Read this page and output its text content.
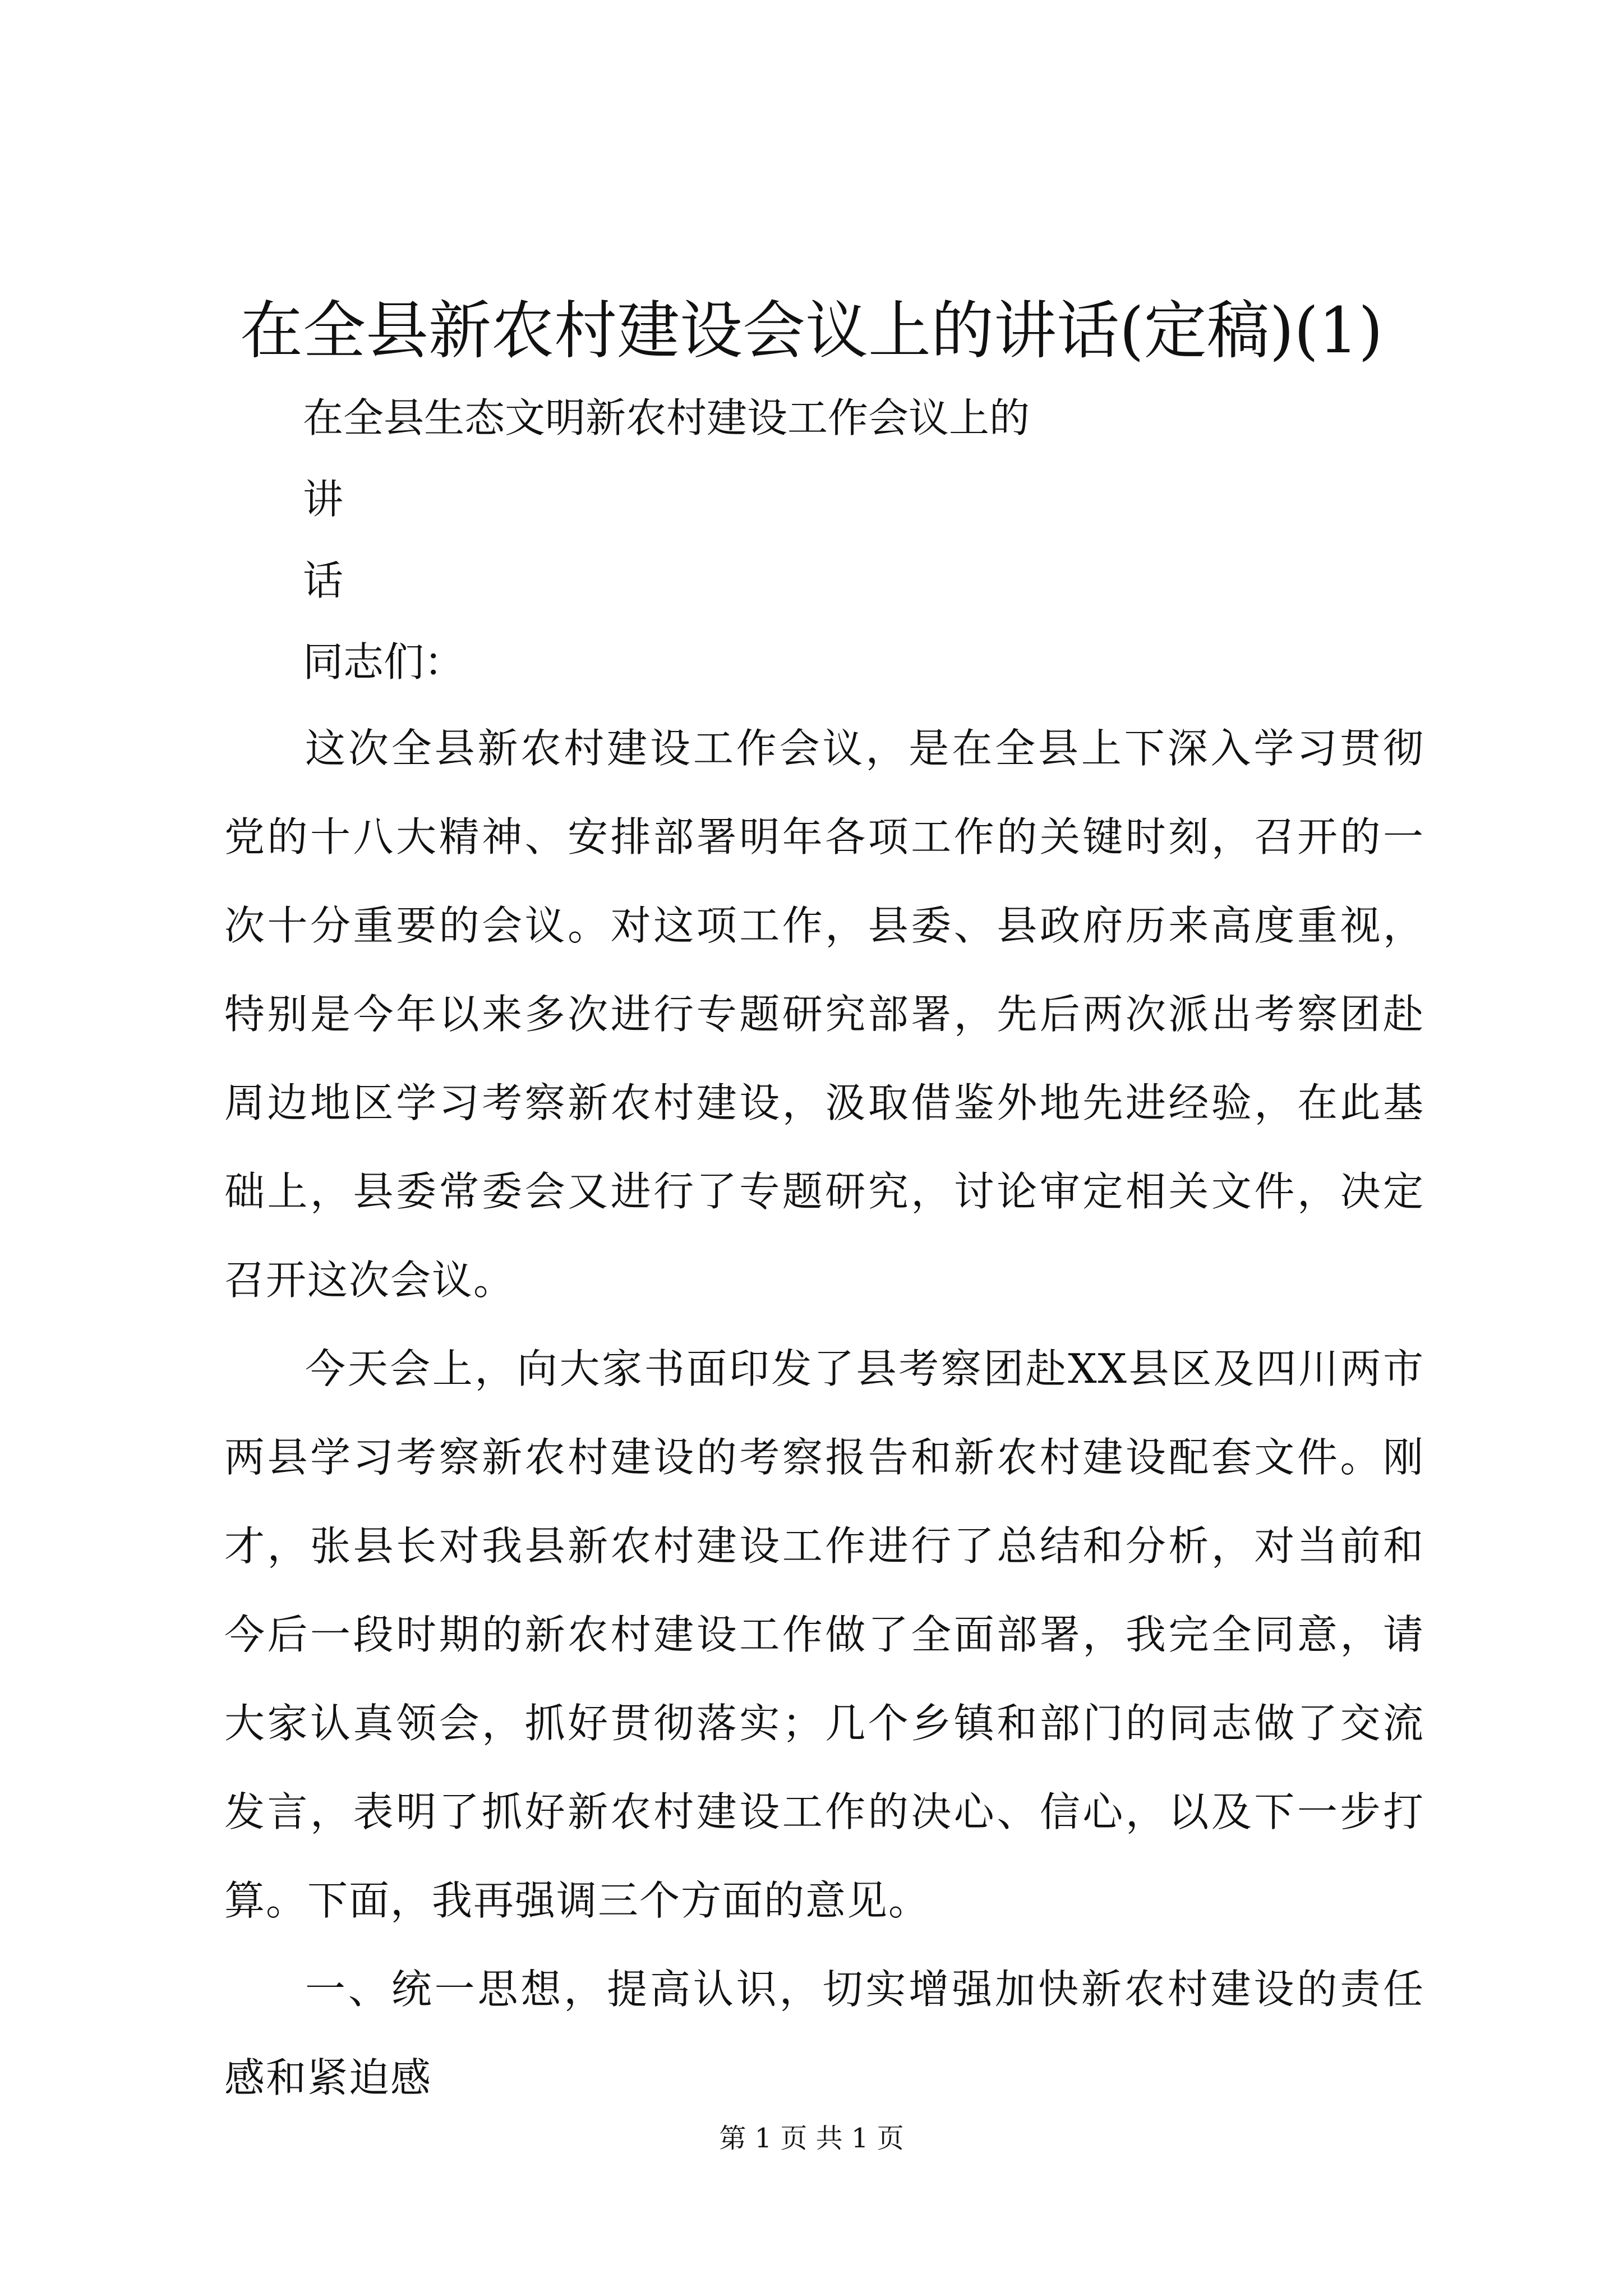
在全县新农村建设会议上的讲话(定稿)(1)
在全县生态文明新农村建设工作会议上的
讲
话
同志们：

这次全县新农村建设工作会议，是在全县上下深入学习贯彻党的十八大精神、安排部署明年各项工作的关键时刻，召开的一次十分重要的会议。对这项工作，县委、县政府历来高度重视，特别是今年以来多次进行专题研究部署，先后两次派出考察团赴周边地区学习考察新农村建设，汲取借鉴外地先进经验，在此基础上，县委常委会又进行了专题研究，讨论审定相关文件，决定召开这次会议。

今天会上，向大家书面印发了县考察团赴XX县区及四川两市两县学习考察新农村建设的考察报告和新农村建设配套文件。刚才，张县长对我县新农村建设工作进行了总结和分析，对当前和今后一段时期的新农村建设工作做了全面部署，我完全同意，请大家认真领会，抓好贯彻落实；几个乡镇和部门的同志做了交流发言，表明了抓好新农村建设工作的决心、信心，以及下一步打算。下面，我再强调三个方面的意见。

一、统一思想，提高认识，切实增强加快新农村建设的责任感和紧迫感

第 1 页 共 1 页
